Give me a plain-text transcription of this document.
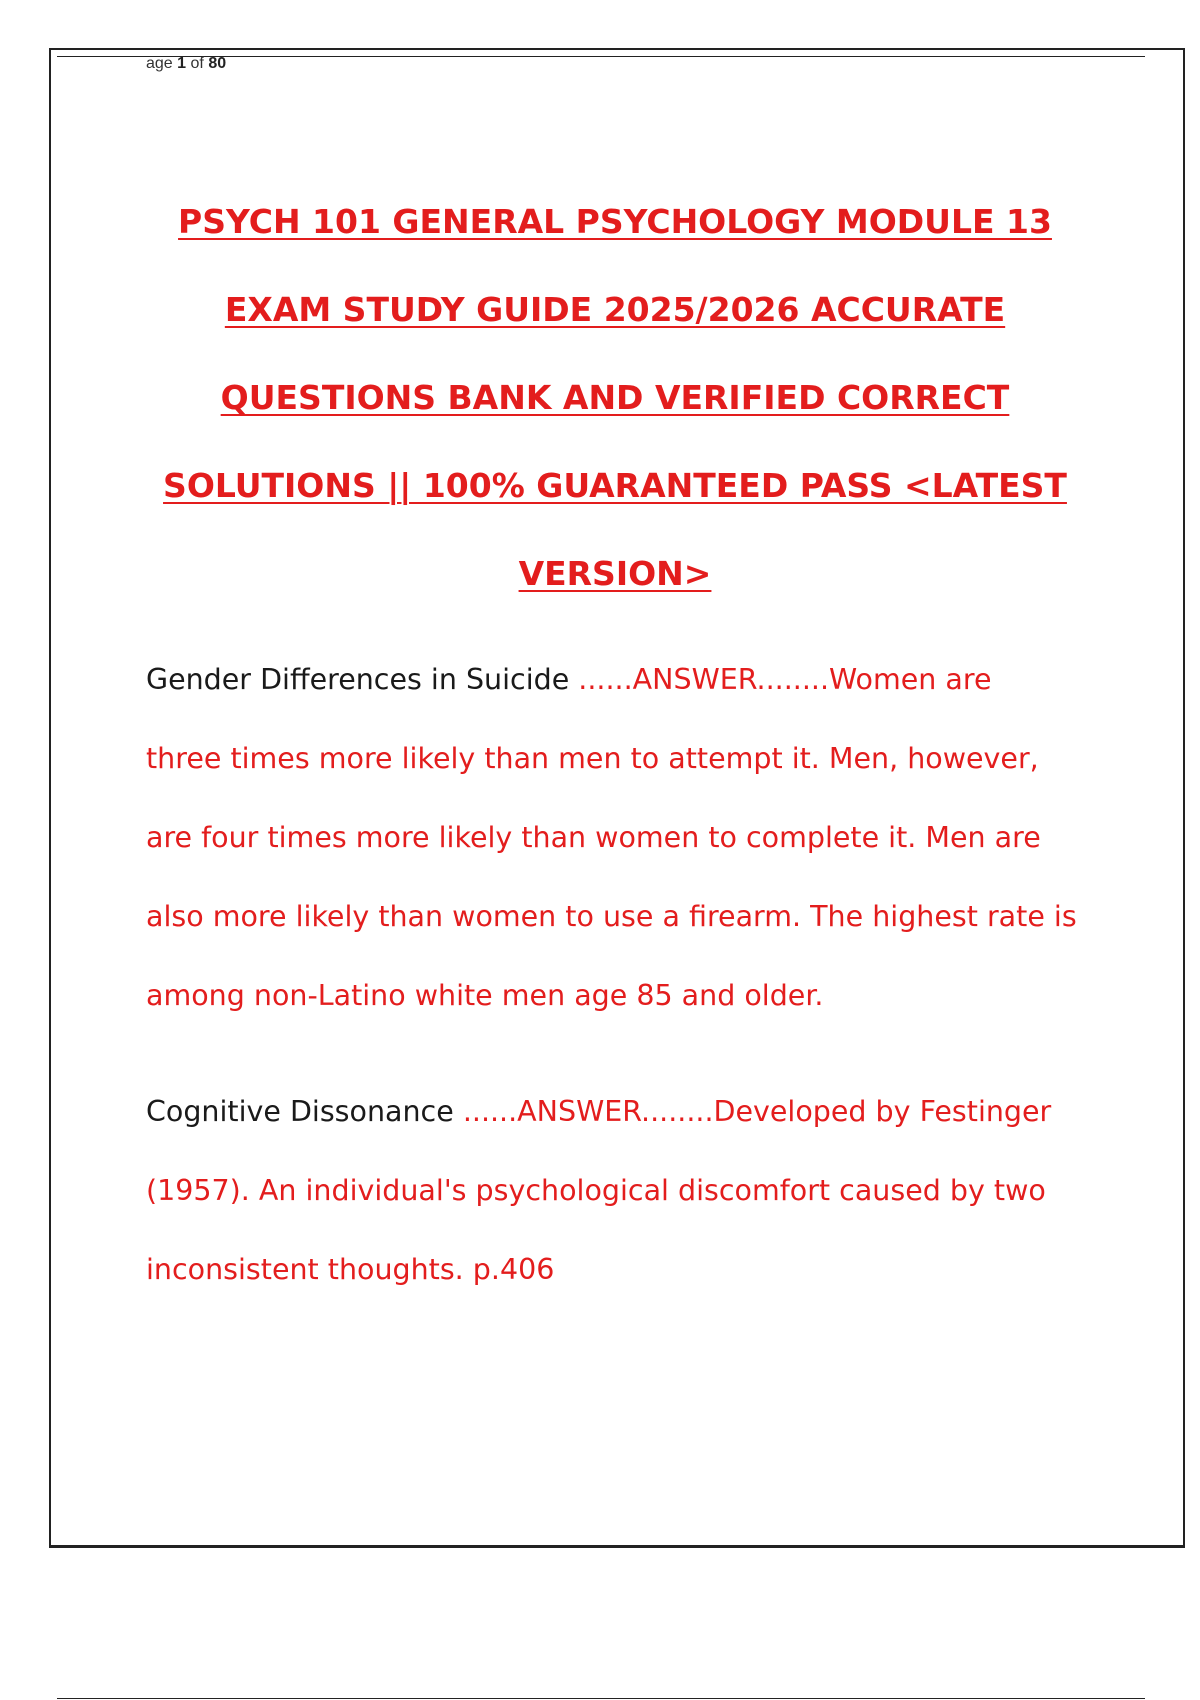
age 1 of 80
PSYCH 101 GENERAL PSYCHOLOGY MODULE 13
EXAM STUDY GUIDE 2025/2026 ACCURATE
QUESTIONS BANK AND VERIFIED CORRECT
SOLUTIONS || 100% GUARANTEED PASS <LATEST
VERSION>
Gender Differences in Suicide ......ANSWER........Women are
three times more likely than men to attempt it. Men, however,
are four times more likely than women to complete it. Men are
also more likely than women to use a firearm. The highest rate is
among non-Latino white men age 85 and older.
Cognitive Dissonance ......ANSWER........Developed by Festinger
(1957). An individual's psychological discomfort caused by two
inconsistent thoughts. p.406
